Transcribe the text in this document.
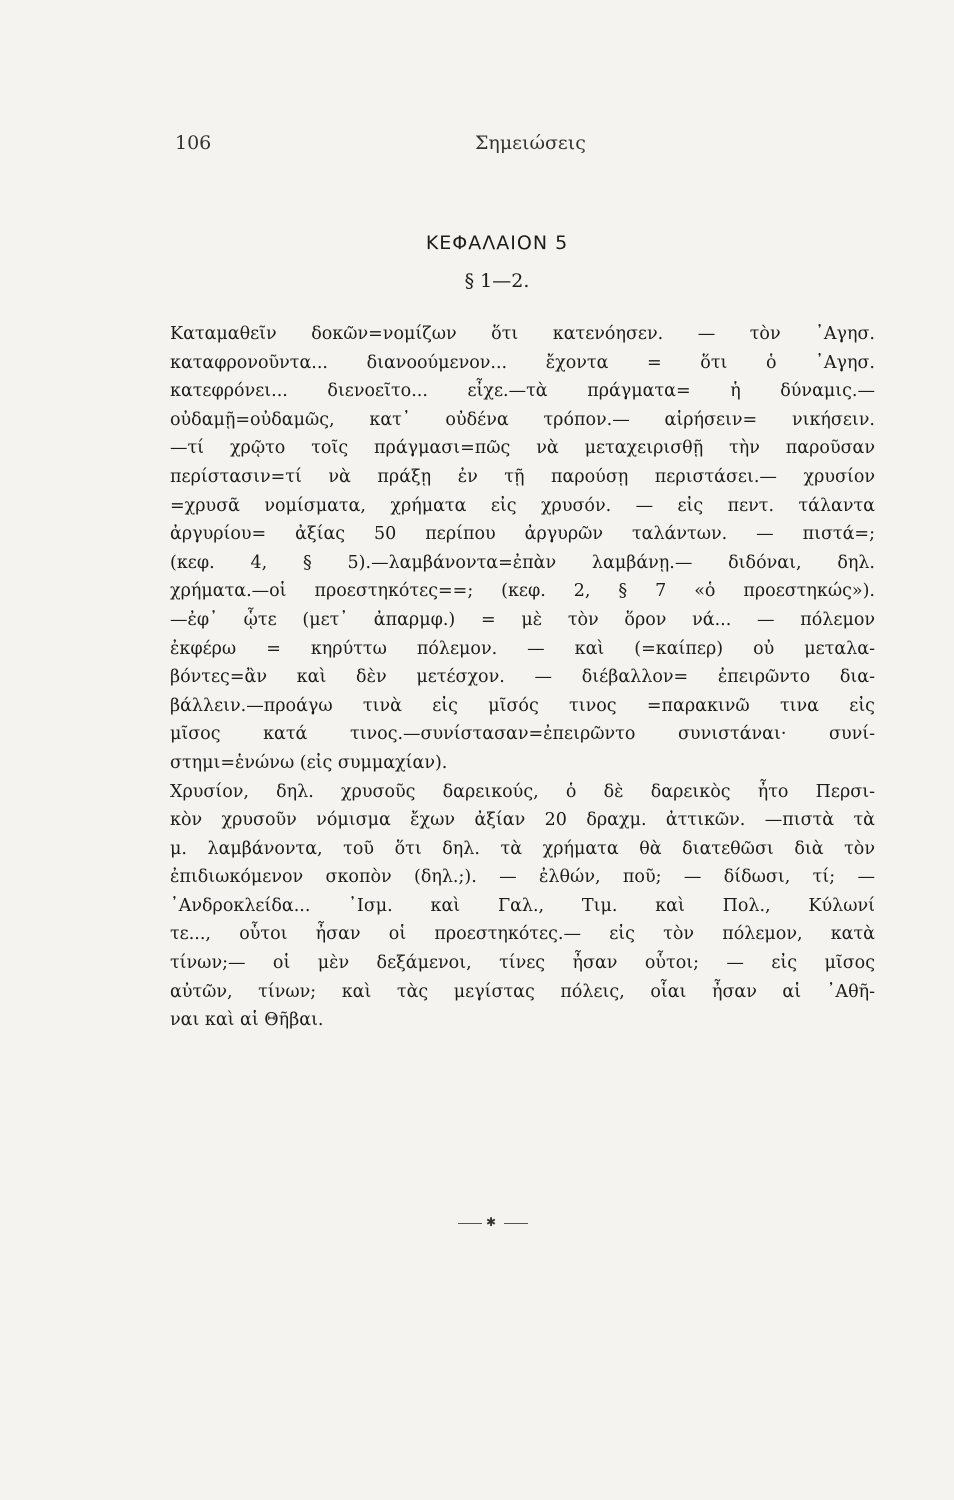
106	Σημειώσεις
ΚΕΦΑΛΑΙΟΝ 5
§ 1—2.
Καταμαθεῖν δοκῶν=νομίζων ὅτι κατενόησεν. — τὸν ᾿Αγησ.
καταφρονοῦντα... διανοούμενον... ἔχοντα = ὅτι ὁ ᾿Αγησ.
κατεφρόνει... διενοεῖτο... εἶχε.—τὰ πράγματα= ἡ δύναμις.—
οὐδαμῇ=οὐδαμῶς, κατ᾿ οὐδένα τρόπον.— αἱρήσειν= νικήσειν.
—τί χρῷτο τοῖς πράγμασι=πῶς νὰ μεταχειρισθῇ τὴν παροῦσαν
περίστασιν=τί νὰ πράξῃ ἐν τῇ παρούσῃ περιστάσει.— χρυσίον
=χρυσᾶ νομίσματα, χρήματα εἰς χρυσόν. — εἰς πεντ. τάλαντα
ἀργυρίου= ἀξίας 50 περίπου ἀργυρῶν ταλάντων. — πιστά=;
(κεφ. 4, § 5).—λαμβάνοντα=ἐπὰν λαμβάνῃ.— διδόναι, δηλ.
χρήματα.—οἱ προεστηκότες==; (κεφ. 2, § 7 «ὁ προεστηκώς»).
—ἐφ᾿ ᾧτε (μετ᾿ ἀπαρμφ.) = μὲ τὸν ὅρον νά... — πόλεμον
ἐκφέρω = κηρύττω πόλεμον. — καὶ (=καίπερ) οὐ μεταλα-
βόντες=ἂν καὶ δὲν μετέσχον. — διέβαλλον= ἐπειρῶντο δια-
βάλλειν.—προάγω τινὰ εἰς μῖσός τινος =παρακινῶ τινα εἰς
μῖσος κατά τινος.—συνίστασαν=ἐπειρῶντο συνιστάναι· συνί-
στημι=ἑνώνω (εἰς συμμαχίαν).
Χρυσίον, δηλ. χρυσοῦς δαρεικούς, ὁ δὲ δαρεικὸς ἦτο Περσι-
κὸν χρυσοῦν νόμισμα ἔχων ἀξίαν 20 δραχμ. ἀττικῶν. —πιστὰ τὰ
μ. λαμβάνοντα, τοῦ ὅτι δηλ. τὰ χρήματα θὰ διατεθῶσι διὰ τὸν
ἐπιδιωκόμενον σκοπὸν (δηλ.;). — ἐλθών, ποῦ; — δίδωσι, τί; —
᾿Ανδροκλείδα... ᾿Ισμ. καὶ Γαλ., Τιμ. καὶ Πολ., Κύλωνί
τε..., οὗτοι ἦσαν οἱ προεστηκότες.— εἰς τὸν πόλεμον, κατὰ
τίνων;— οἱ μὲν δεξάμενοι, τίνες ἦσαν οὗτοι; — εἰς μῖσος
αὐτῶν, τίνων; καὶ τὰς μεγίστας πόλεις, οἷαι ἦσαν αἱ ᾿Αθῆ-
ναι καὶ αἱ Θῆβαι.
✱
